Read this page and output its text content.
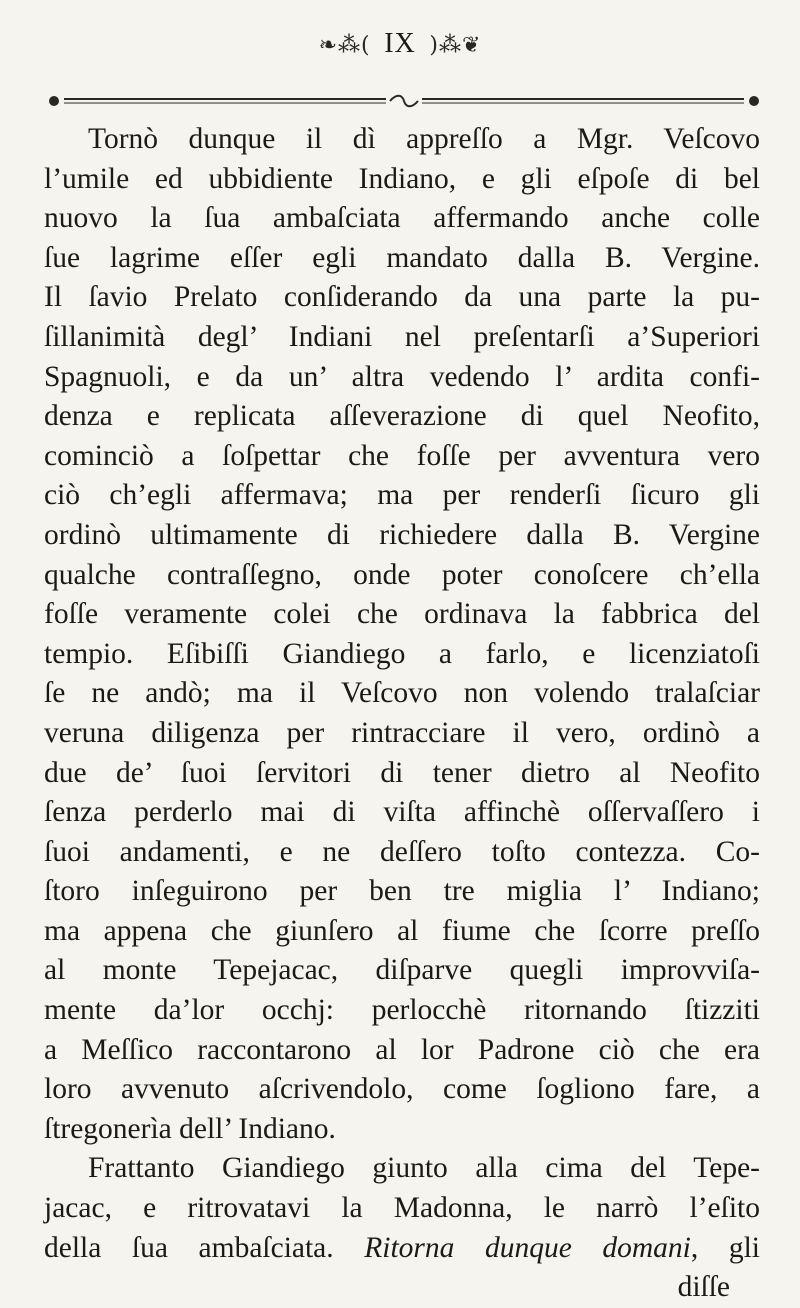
❧⁂( IX )⁂❦
Tornò dunque il dì appreſſo a Mgr. Veſcovo
l’umile ed ubbidiente Indiano, e gli eſpoſe di bel
nuovo la ſua ambaſciata affermando anche colle
ſue lagrime eſſer egli mandato dalla B. Vergine.
Il ſavio Prelato conſiderando da una parte la pu-
ſillanimità degl’ Indiani nel preſentarſi a’Superiori
Spagnuoli, e da un’ altra vedendo l’ ardita confi-
denza e replicata aſſeverazione di quel Neofito,
cominciò a ſoſpettar che foſſe per avventura vero
ciò ch’egli affermava; ma per renderſi ſicuro gli
ordinò ultimamente di richiedere dalla B. Vergine
qualche contraſſegno, onde poter conoſcere ch’ella
foſſe veramente colei che ordinava la fabbrica del
tempio. Eſibiſſi Giandiego a farlo, e licenziatoſi
ſe ne andò; ma il Veſcovo non volendo tralaſciar
veruna diligenza per rintracciare il vero, ordinò a
due de’ ſuoi ſervitori di tener dietro al Neofito
ſenza perderlo mai di viſta affinchè oſſervaſſero i
ſuoi andamenti, e ne deſſero toſto contezza. Co-
ſtoro inſeguirono per ben tre miglia l’ Indiano;
ma appena che giunſero al fiume che ſcorre preſſo
al monte Tepejacac, diſparve quegli improvviſa-
mente da’lor occhj: perlocchè ritornando ſtizziti
a Meſſico raccontarono al lor Padrone ciò che era
loro avvenuto aſcrivendolo, come ſogliono fare, a
ſtregonerìa dell’ Indiano.
Frattanto Giandiego giunto alla cima del Tepe-
jacac, e ritrovatavi la Madonna, le narrò l’eſito
della ſua ambaſciata. Ritorna dunque domani, gli
diſſe
